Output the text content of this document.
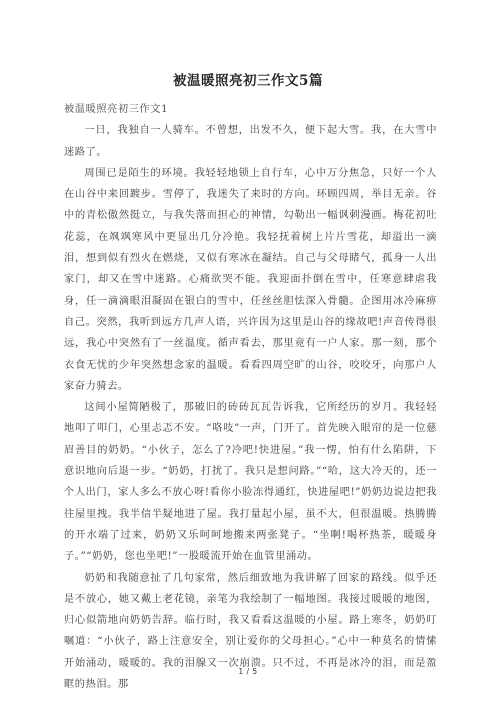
被温暖照亮初三作文5篇

被温暖照亮初三作文1

一日，我独自一人骑车。不曾想，出发不久，便下起大雪。我，在大雪中迷路了。

周围已是陌生的环境。我轻轻地锁上自行车，心中万分焦急，只好一个人在山谷中来回踱步。雪停了，我迷失了来时的方向。环顾四周，举目无亲。谷中的青松傲然挺立，与我失落而担心的神情，勾勒出一幅讽刺漫画。梅花初吐花蕊，在飒飒寒风中更显出几分冷艳。我轻抚着树上片片雪花，却溢出一滴泪，想到似有烈火在燃烧，又似有寒冰在凝结。自己与父母睹气，孤身一人出家门，却又在雪中迷路。心痛欲哭不能。我迎面扑倒在雪中，任寒意肆虐我身，任一滴滴眼泪凝固在银白的雪中，任丝丝胆怯深入骨髓。企图用冰冷麻痹自己。突然，我听到远方几声人语，兴许因为这里是山谷的缘故吧!声音传得很远，我心中突然有了一丝温度。循声看去，那里竟有一户人家。那一刻，那个衣食无忧的少年突然想念家的温暖。看看四周空旷的山谷，咬咬牙，向那户人家奋力骑去。

这间小屋简陋极了，那破旧的砖砖瓦瓦告诉我，它所经历的岁月。我轻轻地叩了叩门，心里忐忑不安。“咯吱”一声，门开了。首先映入眼帘的是一位慈眉善目的奶奶。“小伙子，怎么了?冷吧!快进屋。”我一愣，怕有什么陷阱，下意识地向后退一步。“奶奶，打扰了。我只是想问路。”“哈，这大冷天的，还一个人出门，家人多么不放心呀!看你小脸冻得通红，快进屋吧!”奶奶边说边把我往屋里拽。我半信半疑地进了屋。我打量起小屋，虽不大，但很温暖。热腾腾的开水端了过来，奶奶又乐呵呵地搬来两张凳子。“坐啊!喝杯热茶，暖暖身子。”“奶奶，您也坐吧!”一股暖流开始在血管里涌动。

奶奶和我随意扯了几句家常，然后细致地为我讲解了回家的路线。似乎还是不放心，她又戴上老花镜，亲笔为我绘制了一幅地图。我接过暖暖的地图，归心似箭地向奶奶告辞。临行时，我又看看这温暖的小屋。路上寒冬，奶奶叮嘱道：“小伙子，路上注意安全，别让爱你的父母担心。”心中一种莫名的情愫开始涌动，暖暖的。我的泪腺又一次崩溃。只不过，不再是冰冷的泪，而是盈眶的热泪。那

1 / 5
